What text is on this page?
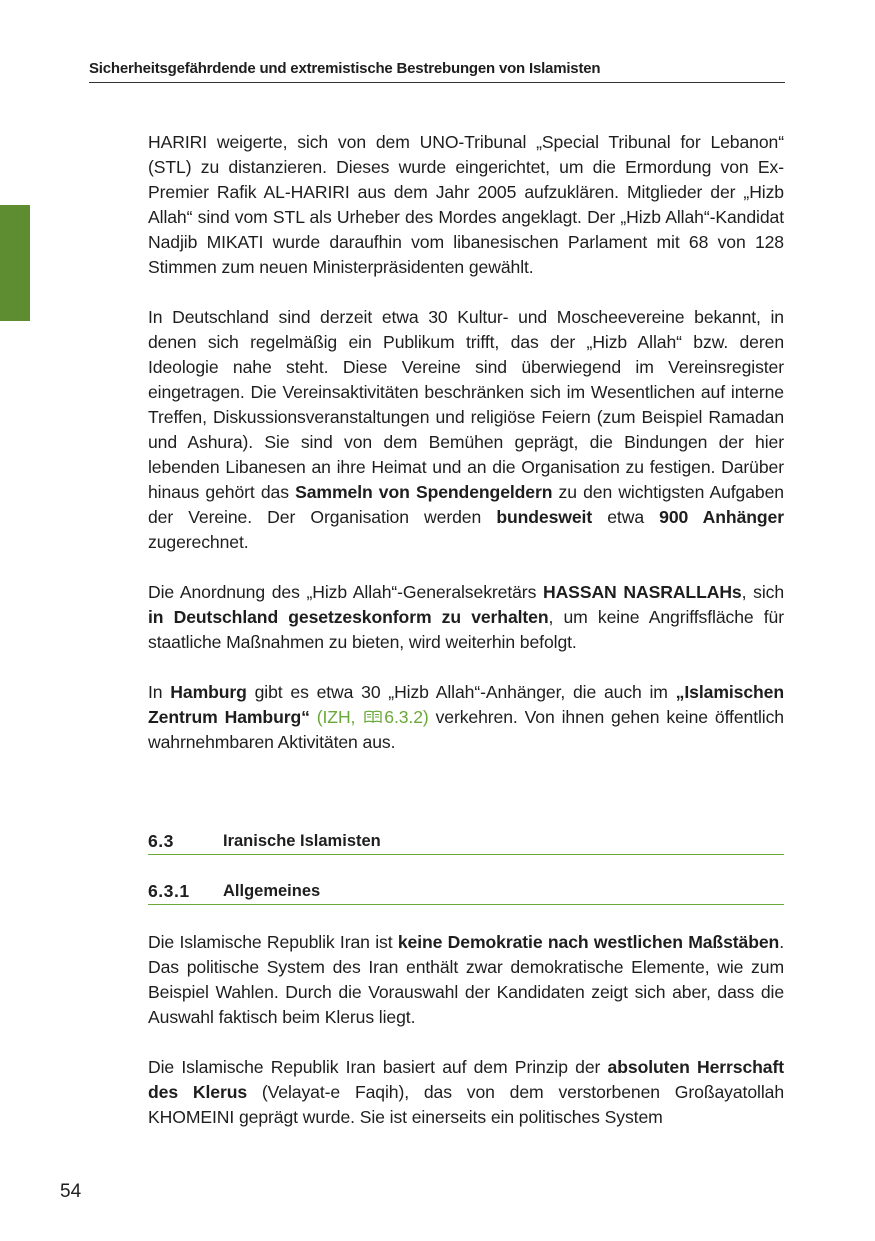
Sicherheitsgefährdende und extremistische Bestrebungen von Islamisten

HARIRI weigerte, sich von dem UNO-Tribunal „Special Tribunal for Lebanon“ (STL) zu distanzieren. Dieses wurde eingerichtet, um die Ermordung von Ex-Premier Rafik AL-HARIRI aus dem Jahr 2005 aufzuklären. Mitglieder der „Hizb Allah“ sind vom STL als Urheber des Mordes angeklagt. Der „Hizb Allah“-Kandidat Nadjib MIKATI wurde daraufhin vom libanesischen Parlament mit 68 von 128 Stimmen zum neuen Ministerpräsidenten gewählt.

In Deutschland sind derzeit etwa 30 Kultur- und Moscheevereine bekannt, in denen sich regelmäßig ein Publikum trifft, das der „Hizb Allah“ bzw. deren Ideologie nahe steht. Diese Vereine sind überwiegend im Vereinsregister eingetragen. Die Vereinsaktivitäten beschränken sich im Wesentlichen auf interne Treffen, Diskussionsveranstaltungen und religiöse Feiern (zum Beispiel Ramadan und Ashura). Sie sind von dem Bemühen geprägt, die Bindungen der hier lebenden Libanesen an ihre Heimat und an die Organisation zu festigen. Darüber hinaus gehört das Sammeln von Spendengeldern zu den wichtigsten Aufgaben der Vereine. Der Organisation werden bundesweit etwa 900 Anhänger zugerechnet.

Die Anordnung des „Hizb Allah“-Generalsekretärs HASSAN NASRALLAHs, sich in Deutschland gesetzeskonform zu verhalten, um keine Angriffsfläche für staatliche Maßnahmen zu bieten, wird weiterhin befolgt.

In Hamburg gibt es etwa 30 „Hizb Allah“-Anhänger, die auch im „Islamischen Zentrum Hamburg“ (IZH, 6.3.2) verkehren. Von ihnen gehen keine öffentlich wahrnehmbaren Aktivitäten aus.

6.3	Iranische Islamisten
6.3.1 Allgemeines

Die Islamische Republik Iran ist keine Demokratie nach westlichen Maßstäben. Das politische System des Iran enthält zwar demokratische Elemente, wie zum Beispiel Wahlen. Durch die Vorauswahl der Kandidaten zeigt sich aber, dass die Auswahl faktisch beim Klerus liegt.

Die Islamische Republik Iran basiert auf dem Prinzip der absoluten Herrschaft des Klerus (Velayat-e Faqih), das von dem verstorbenen Großayatollah KHOMEINI geprägt wurde. Sie ist einerseits ein politisches System

54
